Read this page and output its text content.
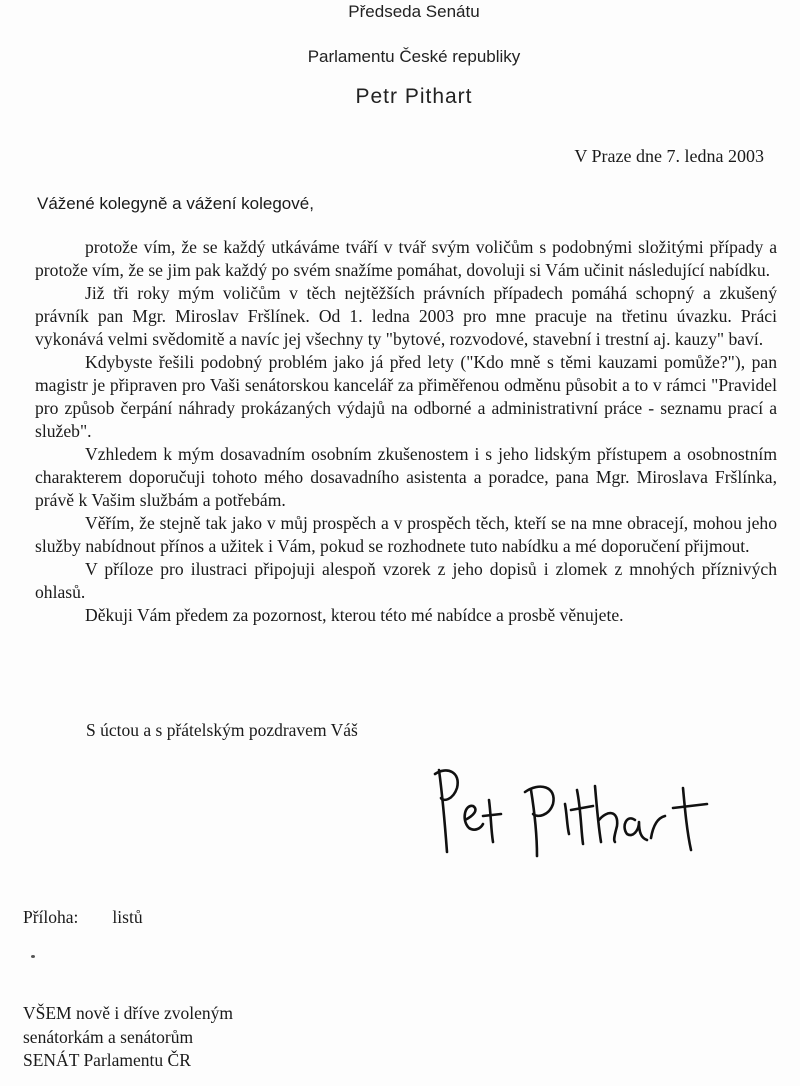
Předseda Senátu
Parlamentu České republiky
Petr Pithart
V Praze dne 7. ledna 2003
Vážené kolegyně a vážení kolegové,

protože vím, že se každý utkáváme tváří v tvář svým voličům s podobnými složitými případy a protože vím, že se jim pak každý po svém snažíme pomáhat, dovoluji si Vám učinit následující nabídku.

Již tři roky mým voličům v těch nejtěžších právních případech pomáhá schopný a zkušený právník pan Mgr. Miroslav Fršlínek. Od 1. ledna 2003 pro mne pracuje na třetinu úvazku. Práci vykonává velmi svědomitě a navíc jej všechny ty "bytové, rozvodové, stavební i trestní aj. kauzy" baví.

Kdybyste řešili podobný problém jako já před lety ("Kdo mně s těmi kauzami pomůže?"), pan magistr je připraven pro Vaši senátorskou kancelář za přiměřenou odměnu působit a to v rámci "Pravidel pro způsob čerpání náhrady prokázaných výdajů na odborné a administrativní práce - seznamu prací a služeb".

Vzhledem k mým dosavadním osobním zkušenostem i s jeho lidským přístupem a osobnostním charakterem doporučuji tohoto mého dosavadního asistenta a poradce, pana Mgr. Miroslava Fršlínka, právě k Vašim službám a potřebám.

Věřím, že stejně tak jako v můj prospěch a v prospěch těch, kteří se na mne obracejí, mohou jeho služby nabídnout přínos a užitek i Vám, pokud se rozhodnete tuto nabídku a mé doporučení přijmout.

V příloze pro ilustraci připojuji alespoň vzorek z jeho dopisů i zlomek z mnohých příznivých ohlasů.

Děkuji Vám předem za pozornost, kterou této mé nabídce a prosbě věnujete.

S úctou a s přátelským pozdravem Váš
Příloha: listů
VŠEM nově i dříve zvoleným
senátorkám a senátorům
SENÁT Parlamentu ČR
